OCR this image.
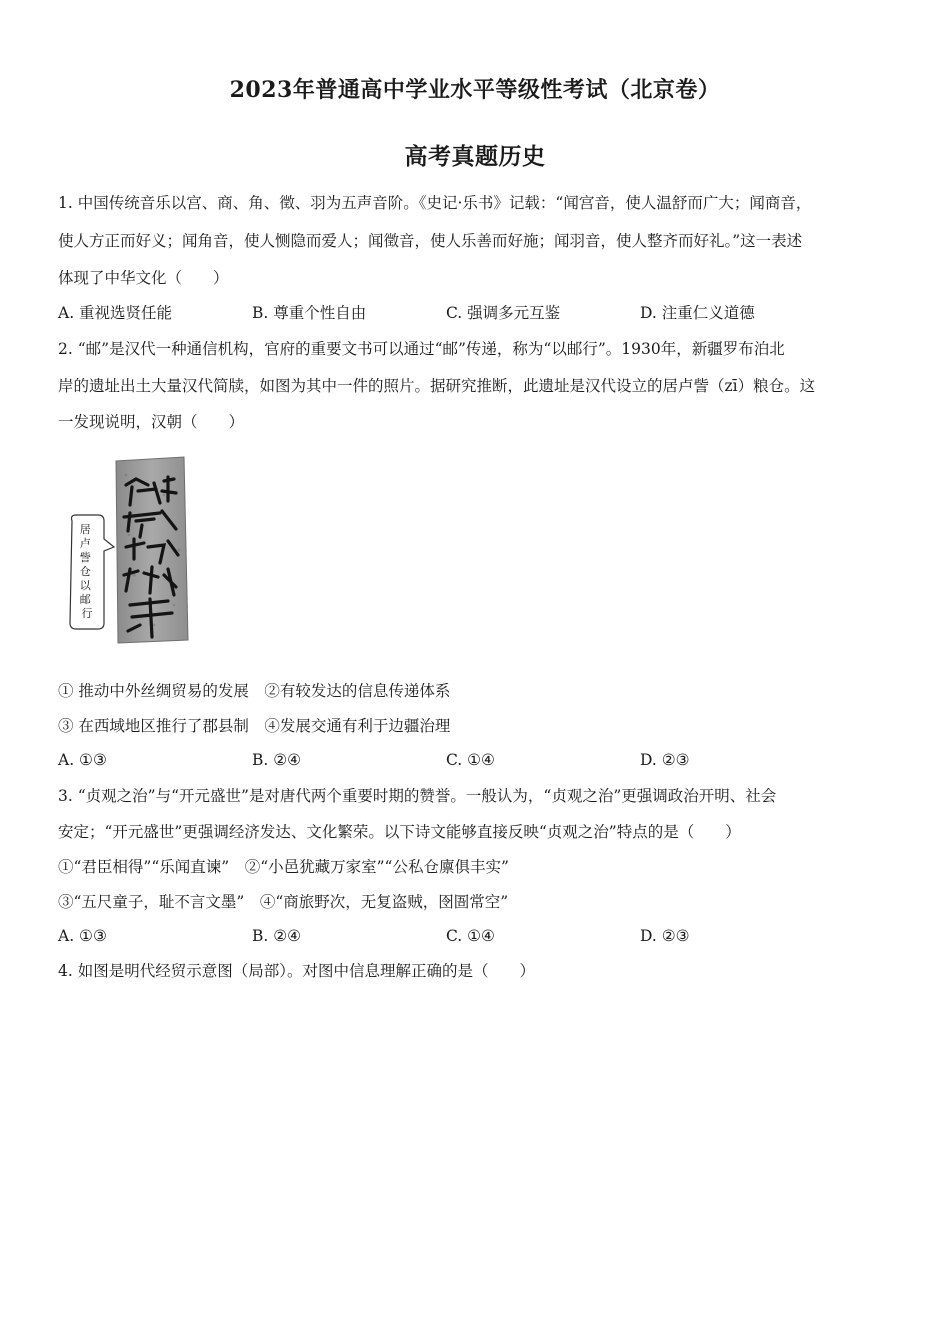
2023年普通高中学业水平等级性考试（北京卷）
高考真题历史
1. 中国传统音乐以宫、商、角、徵、羽为五声音阶。《史记·乐书》记载：“闻宫音，使人温舒而广大；闻商音，
使人方正而好义；闻角音，使人恻隐而爱人；闻徵音，使人乐善而好施；闻羽音，使人整齐而好礼。”这一表述
体现了中华文化（　　）
A. 重视选贤任能	B. 尊重个性自由	C. 强调多元互鉴	D. 注重仁义道德
2. “邮”是汉代一种通信机构，官府的重要文书可以通过“邮”传递，称为“以邮行”。1930年，新疆罗布泊北
岸的遗址出土大量汉代简牍，如图为其中一件的照片。据研究推断，此遗址是汉代设立的居卢訾（zī）粮仓。这
一发现说明，汉朝（　　）
居 卢 訾 仓 以 邮 行
① 推动中外丝绸贸易的发展　②有较发达的信息传递体系
③ 在西域地区推行了郡县制　④发展交通有利于边疆治理
A. ①③	B. ②④	C. ①④	D. ②③
3. “贞观之治”与“开元盛世”是对唐代两个重要时期的赞誉。一般认为，“贞观之治”更强调政治开明、社会
安定；“开元盛世”更强调经济发达、文化繁荣。以下诗文能够直接反映“贞观之治”特点的是（　　）
①“君臣相得”“乐闻直谏”　②“小邑犹藏万家室”“公私仓廪俱丰实”
③“五尺童子，耻不言文墨”　④“商旅野次，无复盗贼，囹圄常空”
A. ①③	B. ②④	C. ①④	D. ②③
4. 如图是明代经贸示意图（局部）。对图中信息理解正确的是（　　）
